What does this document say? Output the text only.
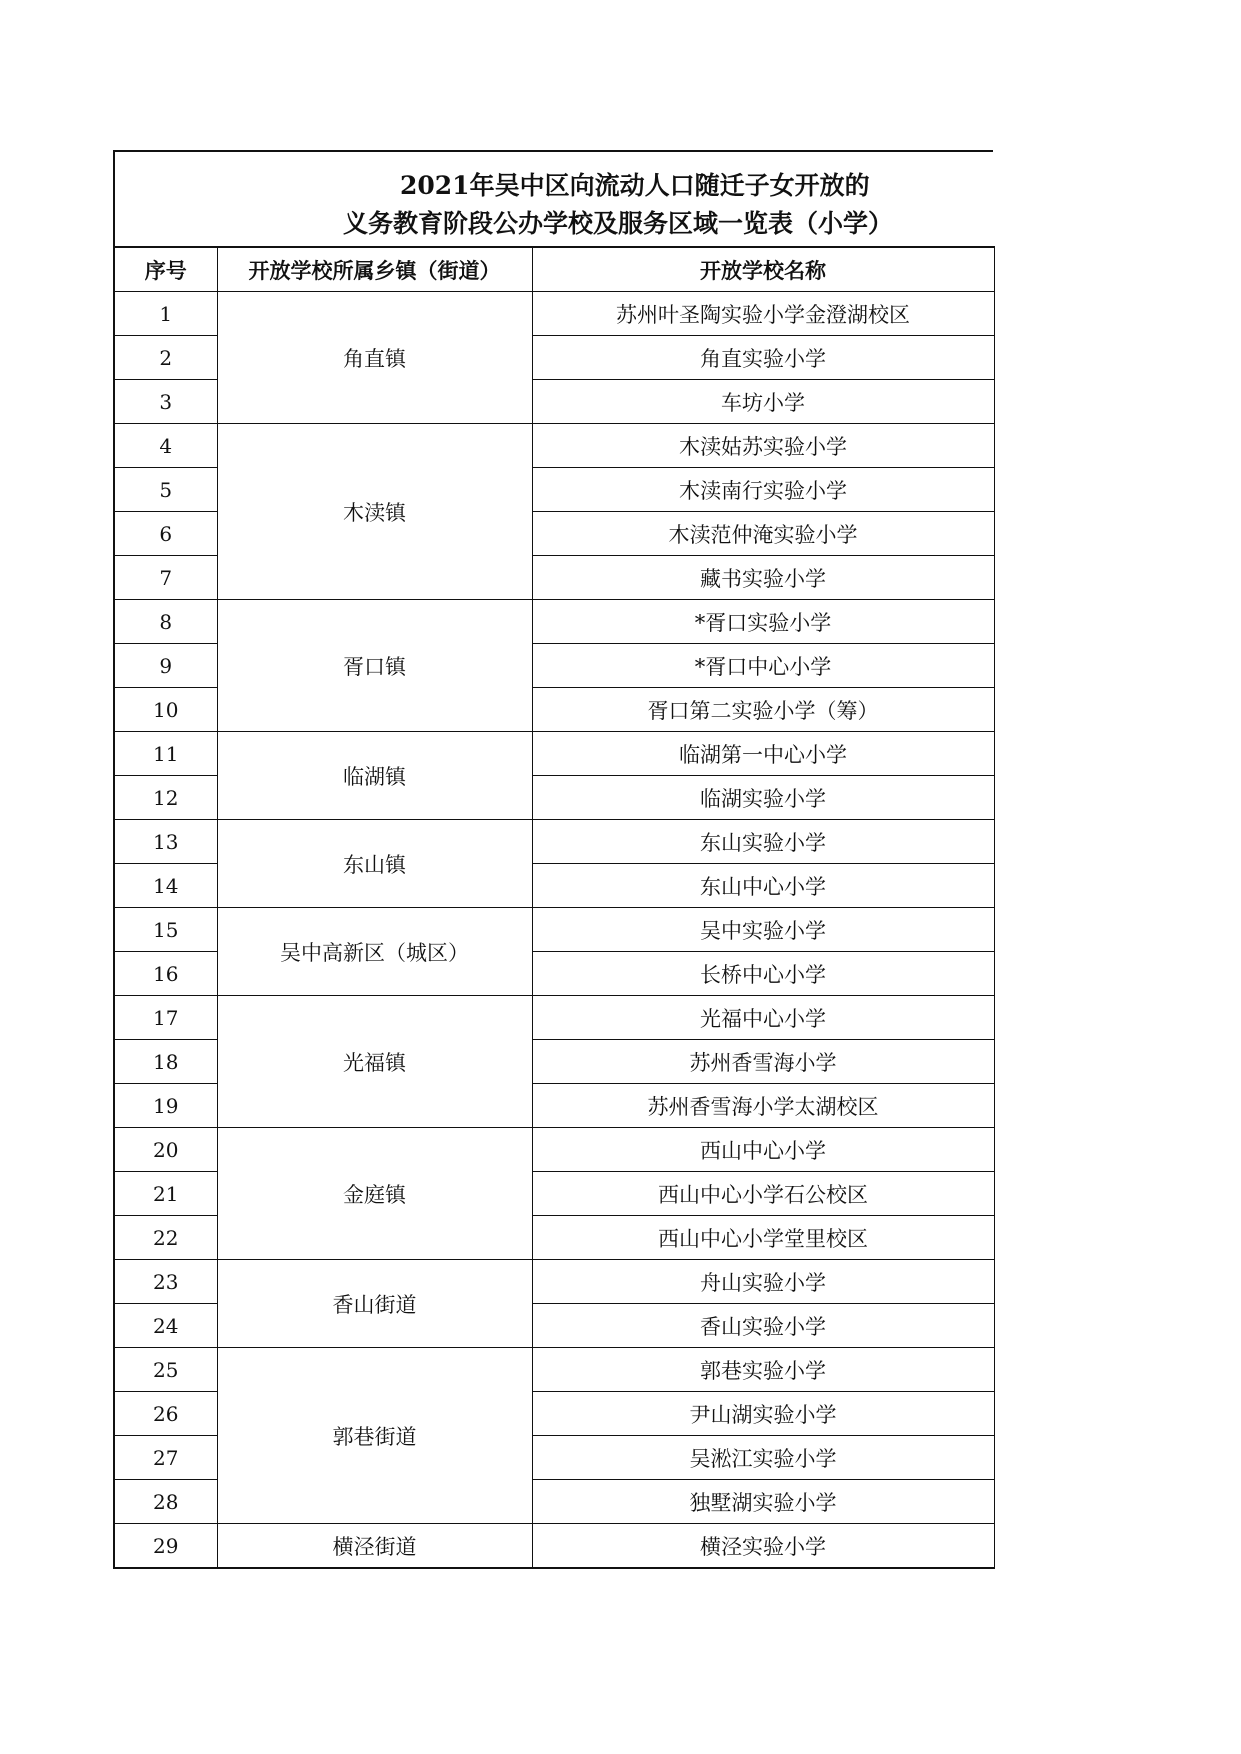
2021年吴中区向流动人口随迁子女开放的
义务教育阶段公办学校及服务区域一览表（小学）
序号	开放学校所属乡镇（街道）	开放学校名称
1	角直镇	苏州叶圣陶实验小学金澄湖校区
2		角直实验小学
3		车坊小学
4	木渎镇	木渎姑苏实验小学
5		木渎南行实验小学
6		木渎范仲淹实验小学
7		藏书实验小学
8	胥口镇	*胥口实验小学
9		*胥口中心小学
10		胥口第二实验小学（筹）
11	临湖镇	临湖第一中心小学
12		临湖实验小学
13	东山镇	东山实验小学
14		东山中心小学
15	吴中高新区（城区）	吴中实验小学
16		长桥中心小学
17	光福镇	光福中心小学
18		苏州香雪海小学
19		苏州香雪海小学太湖校区
20	金庭镇	西山中心小学
21		西山中心小学石公校区
22		西山中心小学堂里校区
23	香山街道	舟山实验小学
24		香山实验小学
25	郭巷街道	郭巷实验小学
26		尹山湖实验小学
27		吴淞江实验小学
28		独墅湖实验小学
29	横泾街道	横泾实验小学
